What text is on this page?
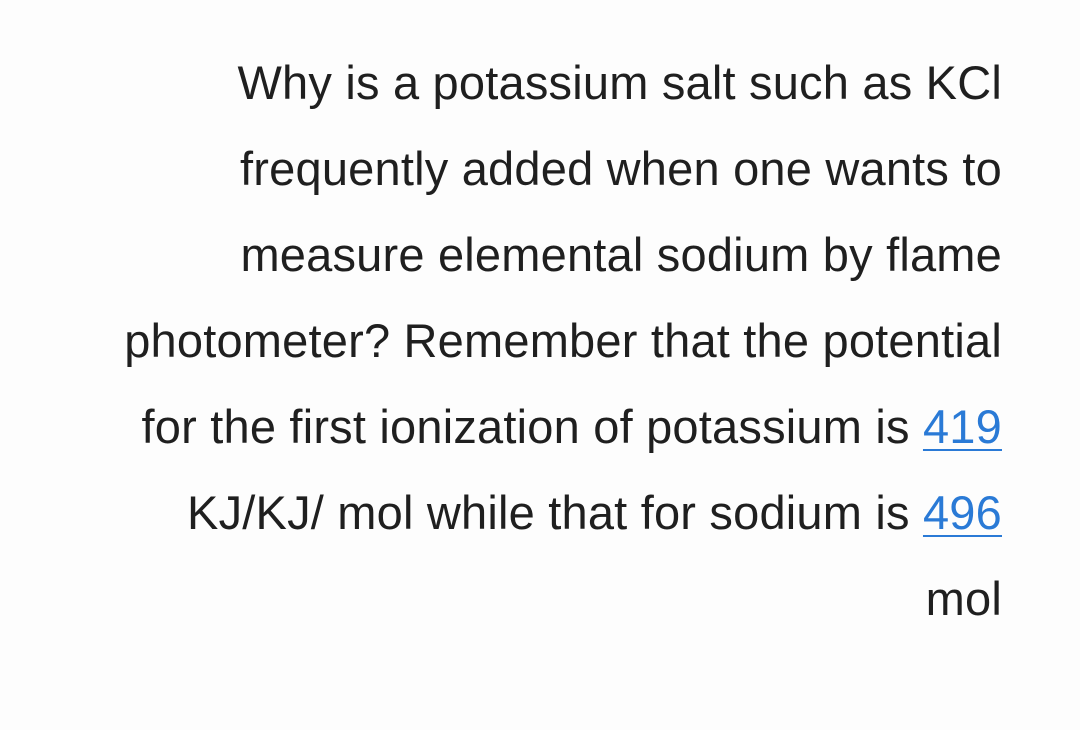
Why is a potassium salt such as KCl
frequently added when one wants to
measure elemental sodium by flame
photometer? Remember that the potential
for the first ionization of potassium is 419
KJ/KJ/ mol while that for sodium is 496
mol
